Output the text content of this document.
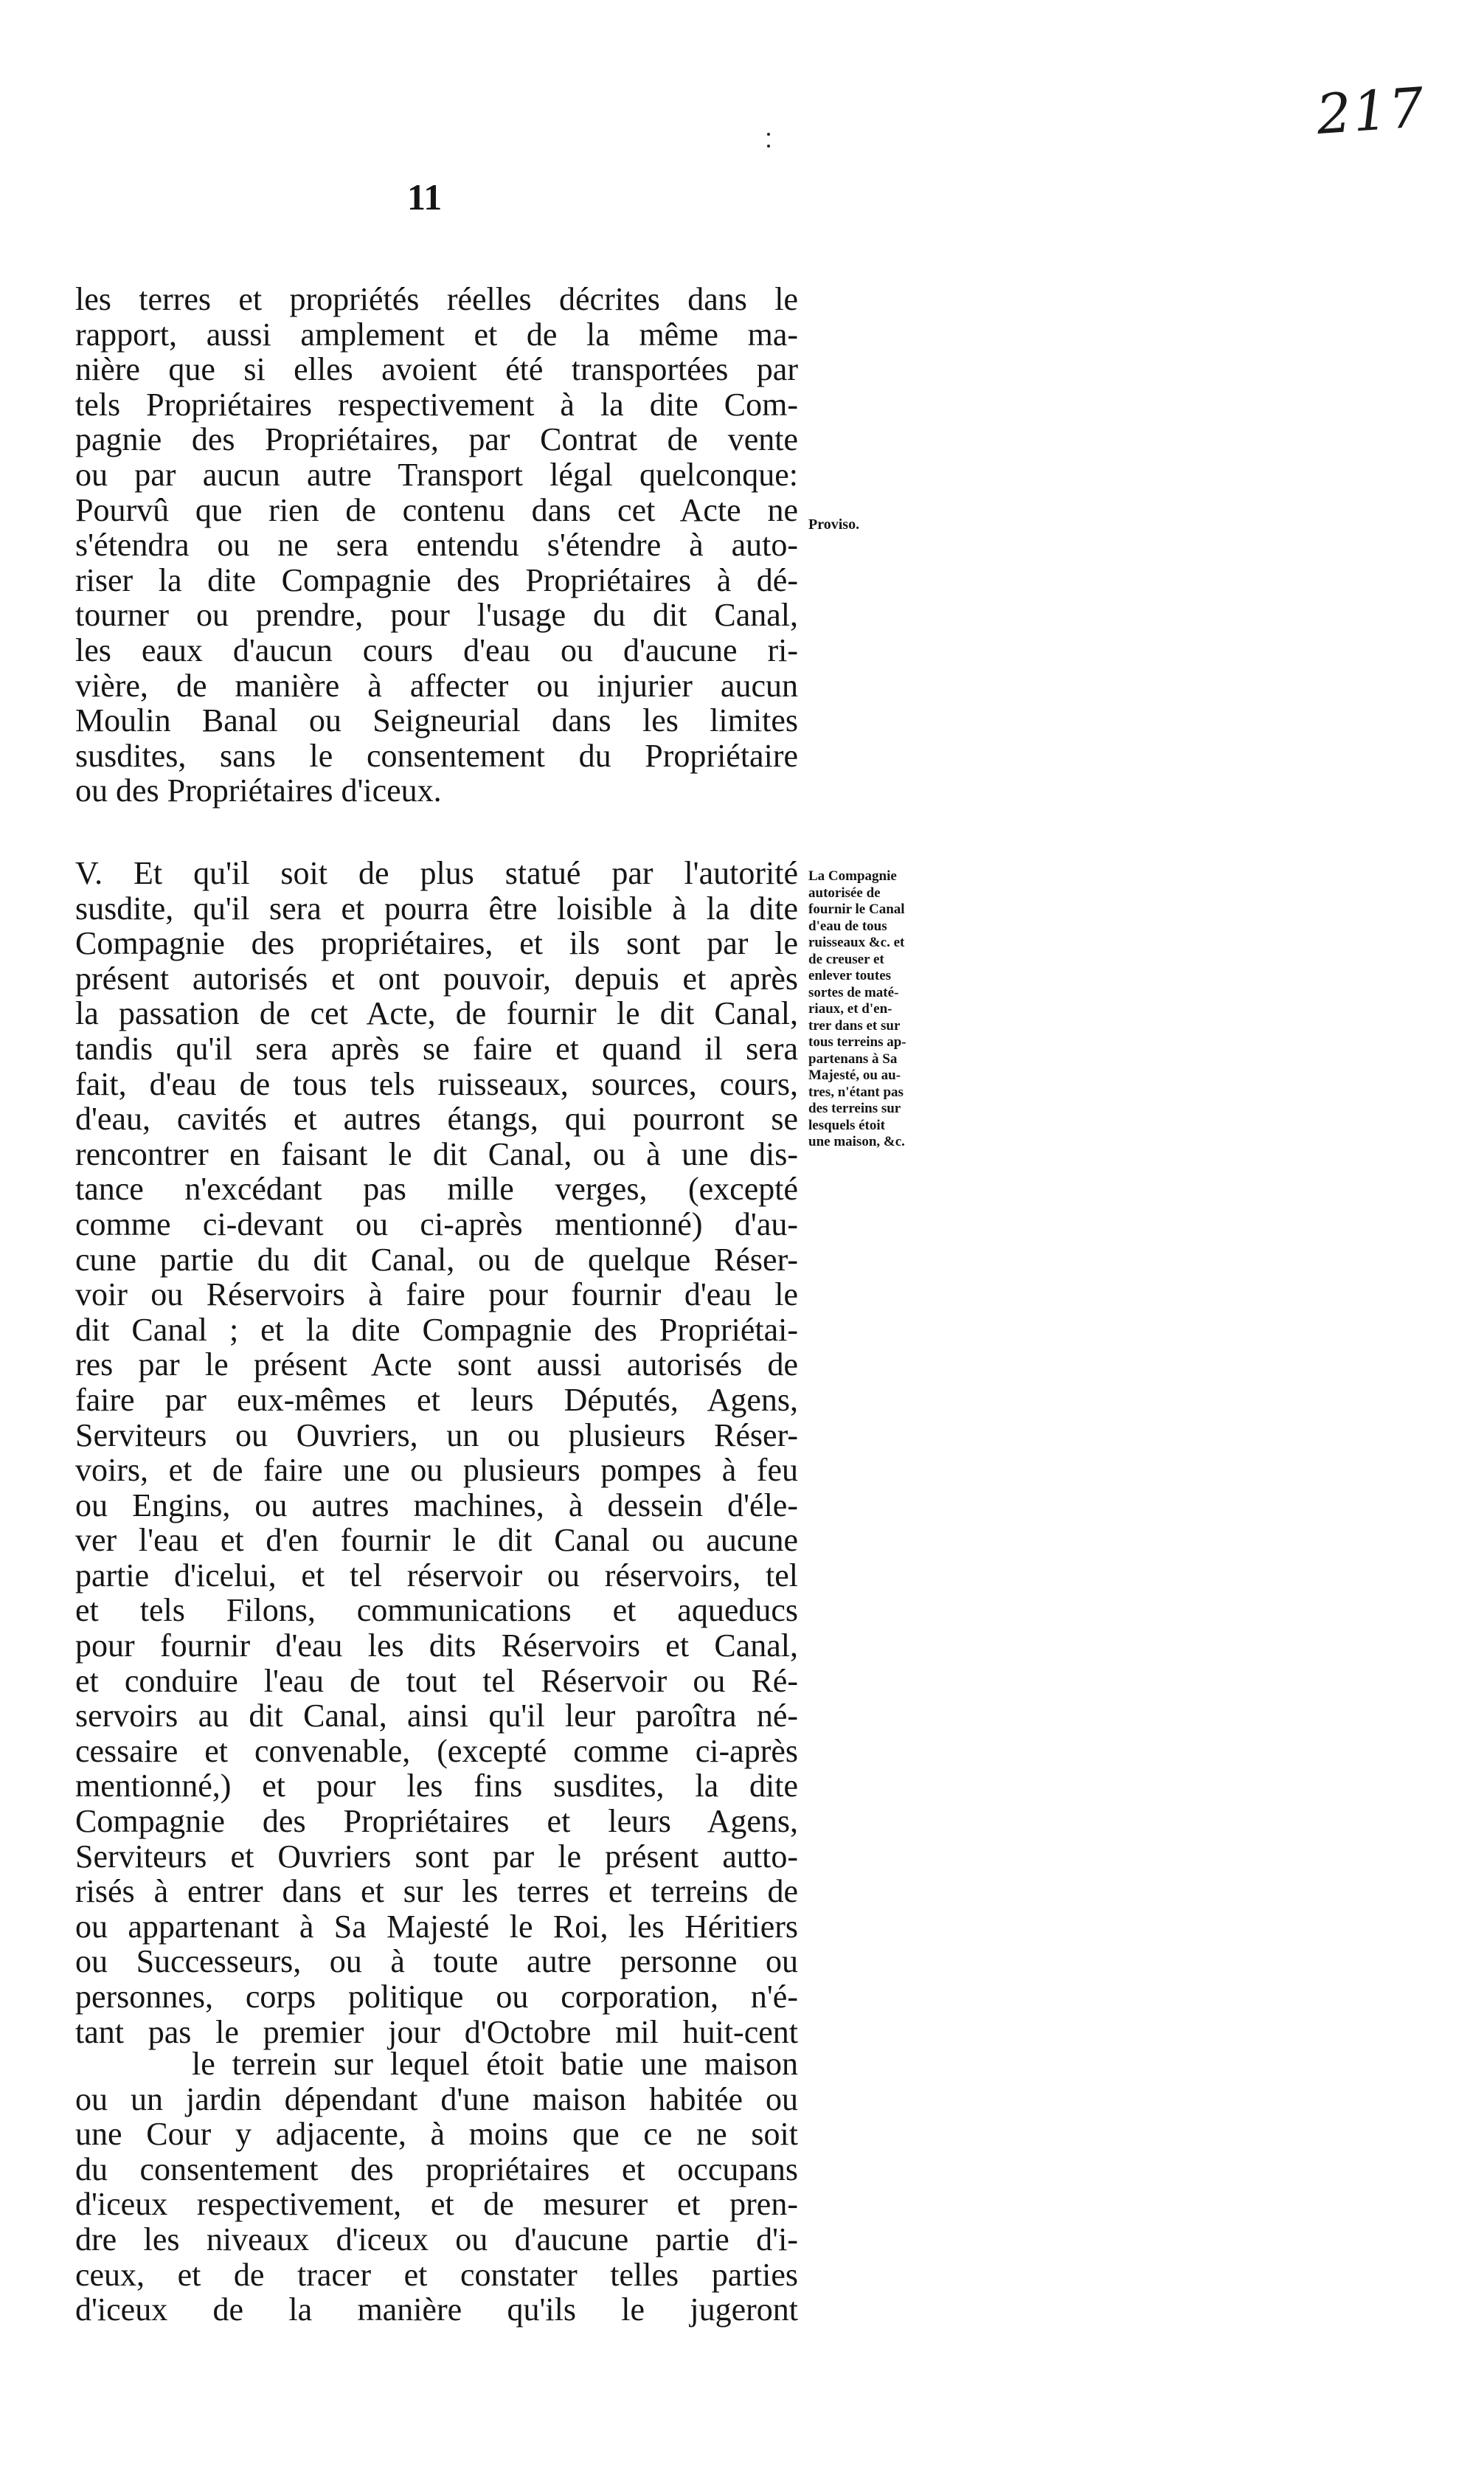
217
11
les terres et propriétés réelles décrites dans le
rapport, aussi amplement et de la même ma-
nière que si elles avoient été transportées par
tels Propriétaires respectivement à la dite Com-
pagnie des Propriétaires, par Contrat de vente
ou par aucun autre Transport légal quelconque:
Pourvû que rien de contenu dans cet Acte ne
s'étendra ou ne sera entendu s'étendre à auto-
riser la dite Compagnie des Propriétaires à dé-
tourner ou prendre, pour l'usage du dit Canal,
les eaux d'aucun cours d'eau ou d'aucune ri-
vière, de manière à affecter ou injurier aucun
Moulin Banal ou Seigneurial dans les limites
susdites, sans le consentement du Propriétaire
ou des Propriétaires d'iceux.
V. Et qu'il soit de plus statué par l'autorité
susdite, qu'il sera et pourra être loisible à la dite
Compagnie des propriétaires, et ils sont par le
présent autorisés et ont pouvoir, depuis et après
la passation de cet Acte, de fournir le dit Canal,
tandis qu'il sera après se faire et quand il sera
fait, d'eau de tous tels ruisseaux, sources, cours,
d'eau, cavités et autres étangs, qui pourront se
rencontrer en faisant le dit Canal, ou à une dis-
tance n'excédant pas mille verges, (excepté
comme ci-devant ou ci-après mentionné) d'au-
cune partie du dit Canal, ou de quelque Réser-
voir ou Réservoirs à faire pour fournir d'eau le
dit Canal ; et la dite Compagnie des Propriétai-
res par le présent Acte sont aussi autorisés de
faire par eux-mêmes et leurs Députés, Agens,
Serviteurs ou Ouvriers, un ou plusieurs Réser-
voirs, et de faire une ou plusieurs pompes à feu
ou Engins, ou autres machines, à dessein d'éle-
ver l'eau et d'en fournir le dit Canal ou aucune
partie d'icelui, et tel réservoir ou réservoirs, tel
et tels Filons, communications et aqueducs
pour fournir d'eau les dits Réservoirs et Canal,
et conduire l'eau de tout tel Réservoir ou Ré-
servoirs au dit Canal, ainsi qu'il leur paroîtra né-
cessaire et convenable, (excepté comme ci-après
mentionné,) et pour les fins susdites, la dite
Compagnie des Propriétaires et leurs Agens,
Serviteurs et Ouvriers sont par le présent autto-
risés à entrer dans et sur les terres et terreins de
ou appartenant à Sa Majesté le Roi, les Héritiers
ou Successeurs, ou à toute autre personne ou
personnes, corps politique ou corporation, n'é-
tant pas le premier jour d'Octobre mil huit-cent
le terrein sur lequel étoit batie une maison
ou un jardin dépendant d'une maison habitée ou
une Cour y adjacente, à moins que ce ne soit
du consentement des propriétaires et occupans
d'iceux respectivement, et de mesurer et pren-
dre les niveaux d'iceux ou d'aucune partie d'i-
ceux, et de tracer et constater telles parties
d'iceux de la manière qu'ils le jugeront
Proviso.
La Compagnie
autorisée de
fournir le Canal
d'eau de tous
ruisseaux &c. et
de creuser et
enlever toutes
sortes de maté-
riaux, et d'en-
trer dans et sur
tous terreins ap-
partenans à Sa
Majesté, ou au-
tres, n'étant pas
des terreins sur
lesquels étoit
une maison, &c.
